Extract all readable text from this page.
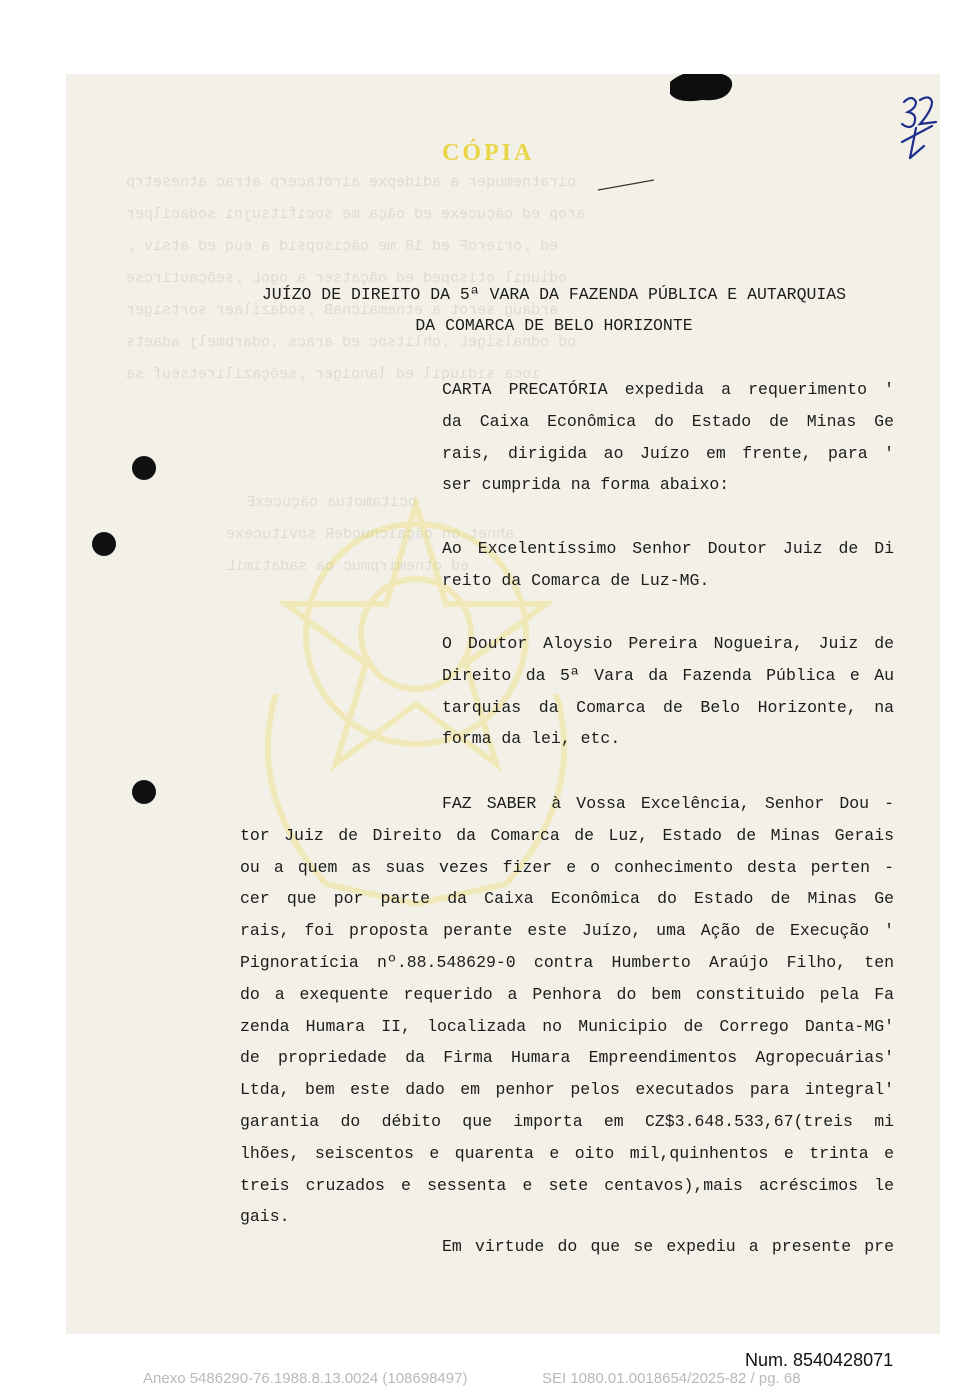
oiratnemuqer a adidepxe airótacerp atrac atnesetrp
arop ed oãçucexe ed oãça me socifitsujni sodacilper
ed ,orieroF ed 18 me oãçisopsid a euq ed atsiv ,
odiuqil otisoped ed oãçatser a ogoL ,seõçautircse
ardaug serot a etnemaicnaB ,sodazilaer sortsiger
od odnalsigeL .ohlitsoc ed aracs .odarbmelj adaets
ioca sidiuqil ed lanoiger ,seõçaziliretseuf sa
ocitamotua oãçucexE
ahnet on oãçaicnuodeR sovitucexe
ed otnemirpmuc oa sadatimiL
CÓPIA
JUÍZO DE DIREITO DA 5ª VARA DA FAZENDA PÚBLICA E AUTARQUIAS
DA COMARCA DE BELO HORIZONTE
CARTA PRECATÓRIA expedida a requerimento '
da Caixa Econômica do Estado de Minas Ge
rais, dirigida ao Juízo em frente, para '
ser cumprida na forma abaixo:
Ao Excelentíssimo Senhor Doutor Juiz de Di
reito da Comarca de Luz-MG.
O Doutor Aloysio Pereira Nogueira, Juiz de
Direito da 5ª Vara da Fazenda Pública e Au
tarquias da Comarca de Belo Horizonte, na
forma da lei, etc.
FAZ SABER à Vossa Excelência, Senhor Dou -
tor Juiz de Direito da Comarca de Luz, Estado de Minas Gerais
ou a quem as suas vezes fizer e o conhecimento desta perten -
cer que por parte da Caixa Econômica do Estado de Minas Ge
rais, foi proposta perante este Juízo, uma Ação de Execução '
Pignoratícia nº.88.548629-0 contra Humberto Araújo Filho, ten
do a exequente requerido a Penhora do bem constituido pela Fa
zenda Humara II, localizada no Municipio de Corrego Danta-MG'
de propriedade da Firma Humara Empreendimentos Agropecuárias'
Ltda, bem este dado em penhor pelos executados para integral'
garantia do débito que importa em CZ$3.648.533,67(treis mi
lhões, seiscentos e quarenta e oito mil,quinhentos e trinta e
treis cruzados e sessenta e sete centavos),mais acréscimos le
gais.
Em virtude do que se expediu a presente pre
Num. 8540428071
Anexo 5486290-76.1988.8.13.0024 (108698497)	SEI 1080.01.0018654/2025-82 / pg. 68
